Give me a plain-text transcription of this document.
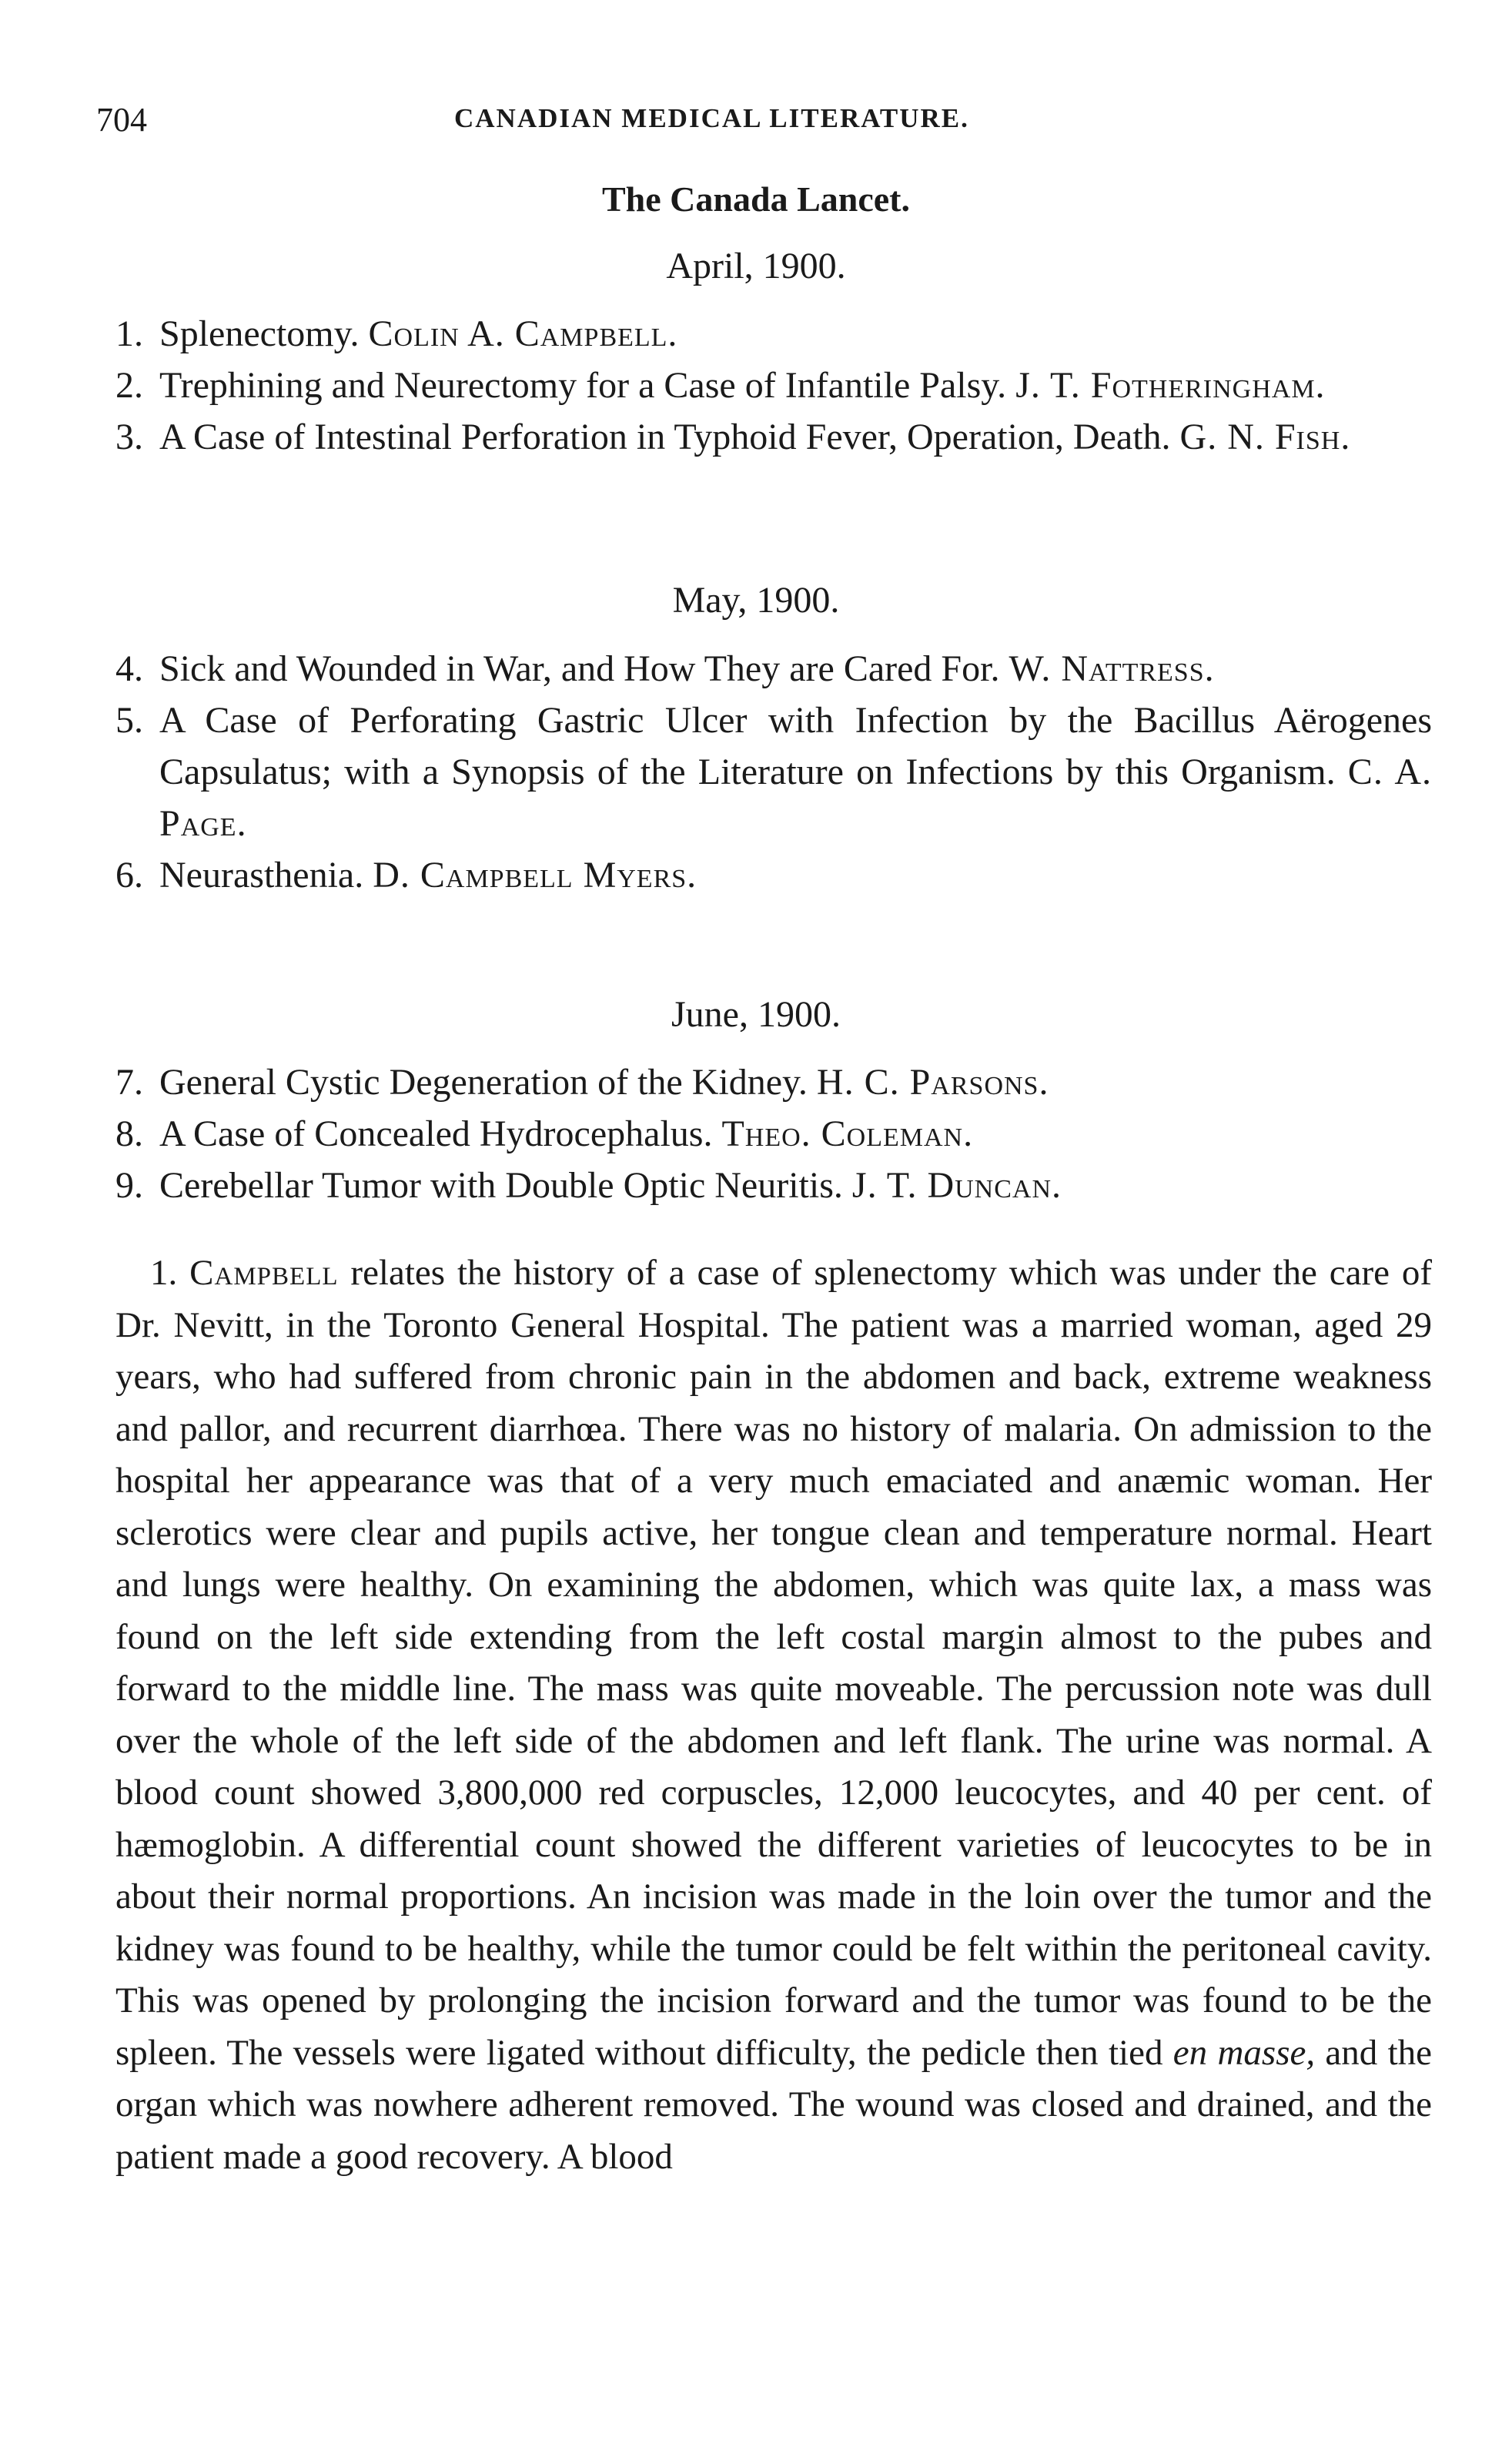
704	CANADIAN MEDICAL LITERATURE.
The Canada Lancet.
April, 1900.
1. Splenectomy. Colin A. Campbell.
2. Trephining and Neurectomy for a Case of Infantile Palsy. J. T. Fotheringham.
3. A Case of Intestinal Perforation in Typhoid Fever, Operation, Death. G. N. Fish.
May, 1900.
4. Sick and Wounded in War, and How They are Cared For. W. Nattress.
5. A Case of Perforating Gastric Ulcer with Infection by the Bacillus Aërogenes Capsulatus; with a Synopsis of the Literature on Infections by this Organism. C. A. Page.
6. Neurasthenia. D. Campbell Myers.
June, 1900.
7. General Cystic Degeneration of the Kidney. H. C. Parsons.
8. A Case of Concealed Hydrocephalus. Theo. Coleman.
9. Cerebellar Tumor with Double Optic Neuritis. J. T. Duncan.

1. Campbell relates the history of a case of splenectomy which was under the care of Dr. Nevitt, in the Toronto General Hospital. The patient was a married woman, aged 29 years, who had suffered from chronic pain in the abdomen and back, extreme weakness and pallor, and recurrent diarrhœa. There was no history of malaria. On admission to the hospital her appearance was that of a very much emaciated and anæmic woman. Her sclerotics were clear and pupils active, her tongue clean and temperature normal. Heart and lungs were healthy. On examining the abdomen, which was quite lax, a mass was found on the left side extending from the left costal margin almost to the pubes and forward to the middle line. The mass was quite moveable. The percussion note was dull over the whole of the left side of the abdomen and left flank. The urine was normal. A blood count showed 3,800,000 red corpuscles, 12,000 leucocytes, and 40 per cent. of hæmoglobin. A differential count showed the different varieties of leucocytes to be in about their normal proportions. An incision was made in the loin over the tumor and the kidney was found to be healthy, while the tumor could be felt within the peritoneal cavity. This was opened by prolonging the incision forward and the tumor was found to be the spleen. The vessels were ligated without difficulty, the pedicle then tied en masse, and the organ which was nowhere adherent removed. The wound was closed and drained, and the patient made a good recovery. A blood
